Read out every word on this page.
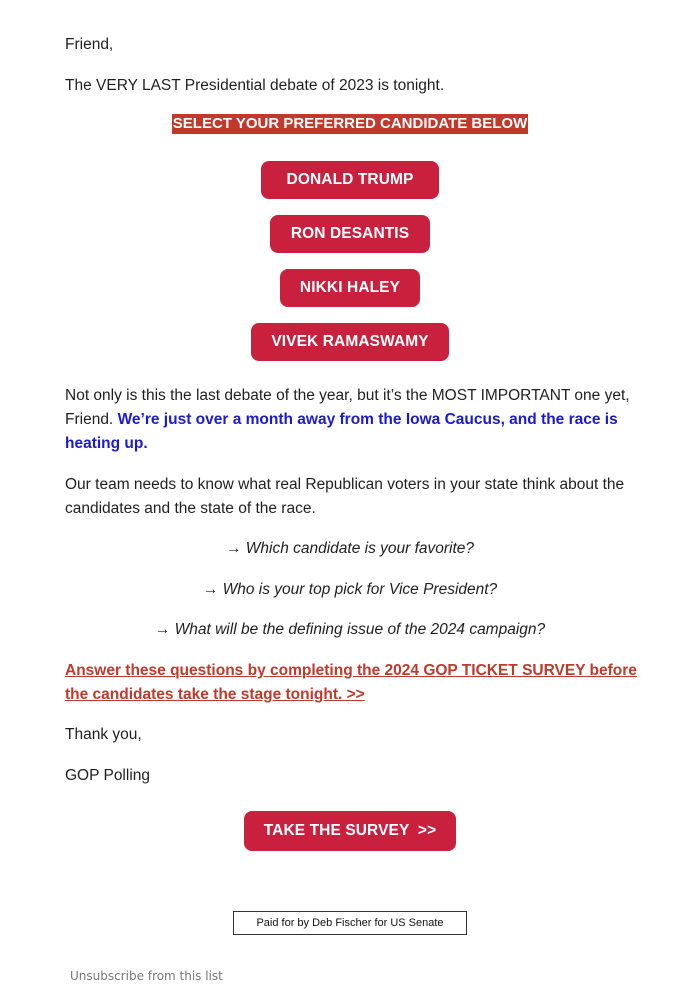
Friend,

The VERY LAST Presidential debate of 2023 is tonight.

SELECT YOUR PREFERRED CANDIDATE BELOW
DONALD TRUMP
RON DESANTIS
NIKKI HALEY
VIVEK RAMASWAMY

Not only is this the last debate of the year, but it’s the MOST IMPORTANT one yet, Friend. We’re just over a month away from the Iowa Caucus, and the race is heating up.

Our team needs to know what real Republican voters in your state think about the candidates and the state of the race.

→ Which candidate is your favorite?
→ Who is your top pick for Vice President?
→ What will be the defining issue of the 2024 campaign?
Answer these questions by completing the 2024 GOP TICKET SURVEY before the candidates take the stage tonight. >>

Thank you,

GOP Polling

TAKE THE SURVEY  >>
Paid for by Deb Fischer for US Senate
Unsubscribe from this list
